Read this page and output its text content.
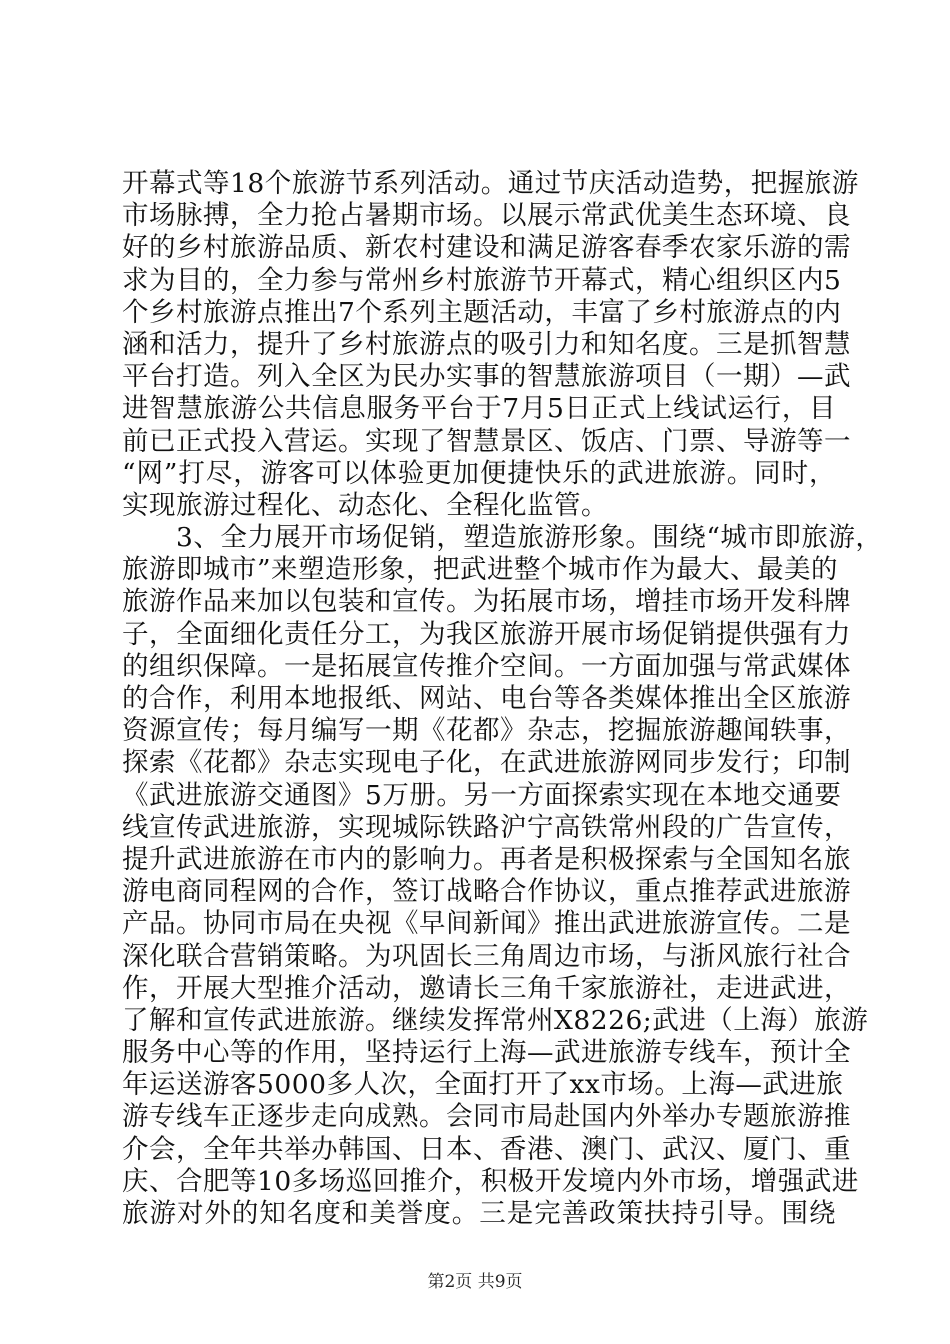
开幕式等18个旅游节系列活动。通过节庆活动造势，把握旅游
市场脉搏，全力抢占暑期市场。以展示常武优美生态环境、良
好的乡村旅游品质、新农村建设和满足游客春季农家乐游的需
求为目的，全力参与常州乡村旅游节开幕式，精心组织区内5
个乡村旅游点推出7个系列主题活动，丰富了乡村旅游点的内
涵和活力，提升了乡村旅游点的吸引力和知名度。三是抓智慧
平台打造。列入全区为民办实事的智慧旅游项目（一期）—武
进智慧旅游公共信息服务平台于7月5日正式上线试运行，目
前已正式投入营运。实现了智慧景区、饭店、门票、导游等一
“网”打尽，游客可以体验更加便捷快乐的武进旅游。同时，
实现旅游过程化、动态化、全程化监管。
　　3、全力展开市场促销，塑造旅游形象。围绕“城市即旅游，
旅游即城市”来塑造形象，把武进整个城市作为最大、最美的
旅游作品来加以包装和宣传。为拓展市场，增挂市场开发科牌
子，全面细化责任分工，为我区旅游开展市场促销提供强有力
的组织保障。一是拓展宣传推介空间。一方面加强与常武媒体
的合作，利用本地报纸、网站、电台等各类媒体推出全区旅游
资源宣传；每月编写一期《花都》杂志，挖掘旅游趣闻轶事，
探索《花都》杂志实现电子化，在武进旅游网同步发行；印制
《武进旅游交通图》5万册。另一方面探索实现在本地交通要
线宣传武进旅游，实现城际铁路沪宁高铁常州段的广告宣传，
提升武进旅游在市内的影响力。再者是积极探索与全国知名旅
游电商同程网的合作，签订战略合作协议，重点推荐武进旅游
产品。协同市局在央视《早间新闻》推出武进旅游宣传。二是
深化联合营销策略。为巩固长三角周边市场，与浙风旅行社合
作，开展大型推介活动，邀请长三角千家旅游社，走进武进，
了解和宣传武进旅游。继续发挥常州X8226;武进（上海）旅游
服务中心等的作用，坚持运行上海—武进旅游专线车，预计全
年运送游客5000多人次，全面打开了xx市场。上海—武进旅
游专线车正逐步走向成熟。会同市局赴国内外举办专题旅游推
介会，全年共举办韩国、日本、香港、澳门、武汉、厦门、重
庆、合肥等10多场巡回推介，积极开发境内外市场，增强武进
旅游对外的知名度和美誉度。三是完善政策扶持引导。围绕
第2页 共9页
